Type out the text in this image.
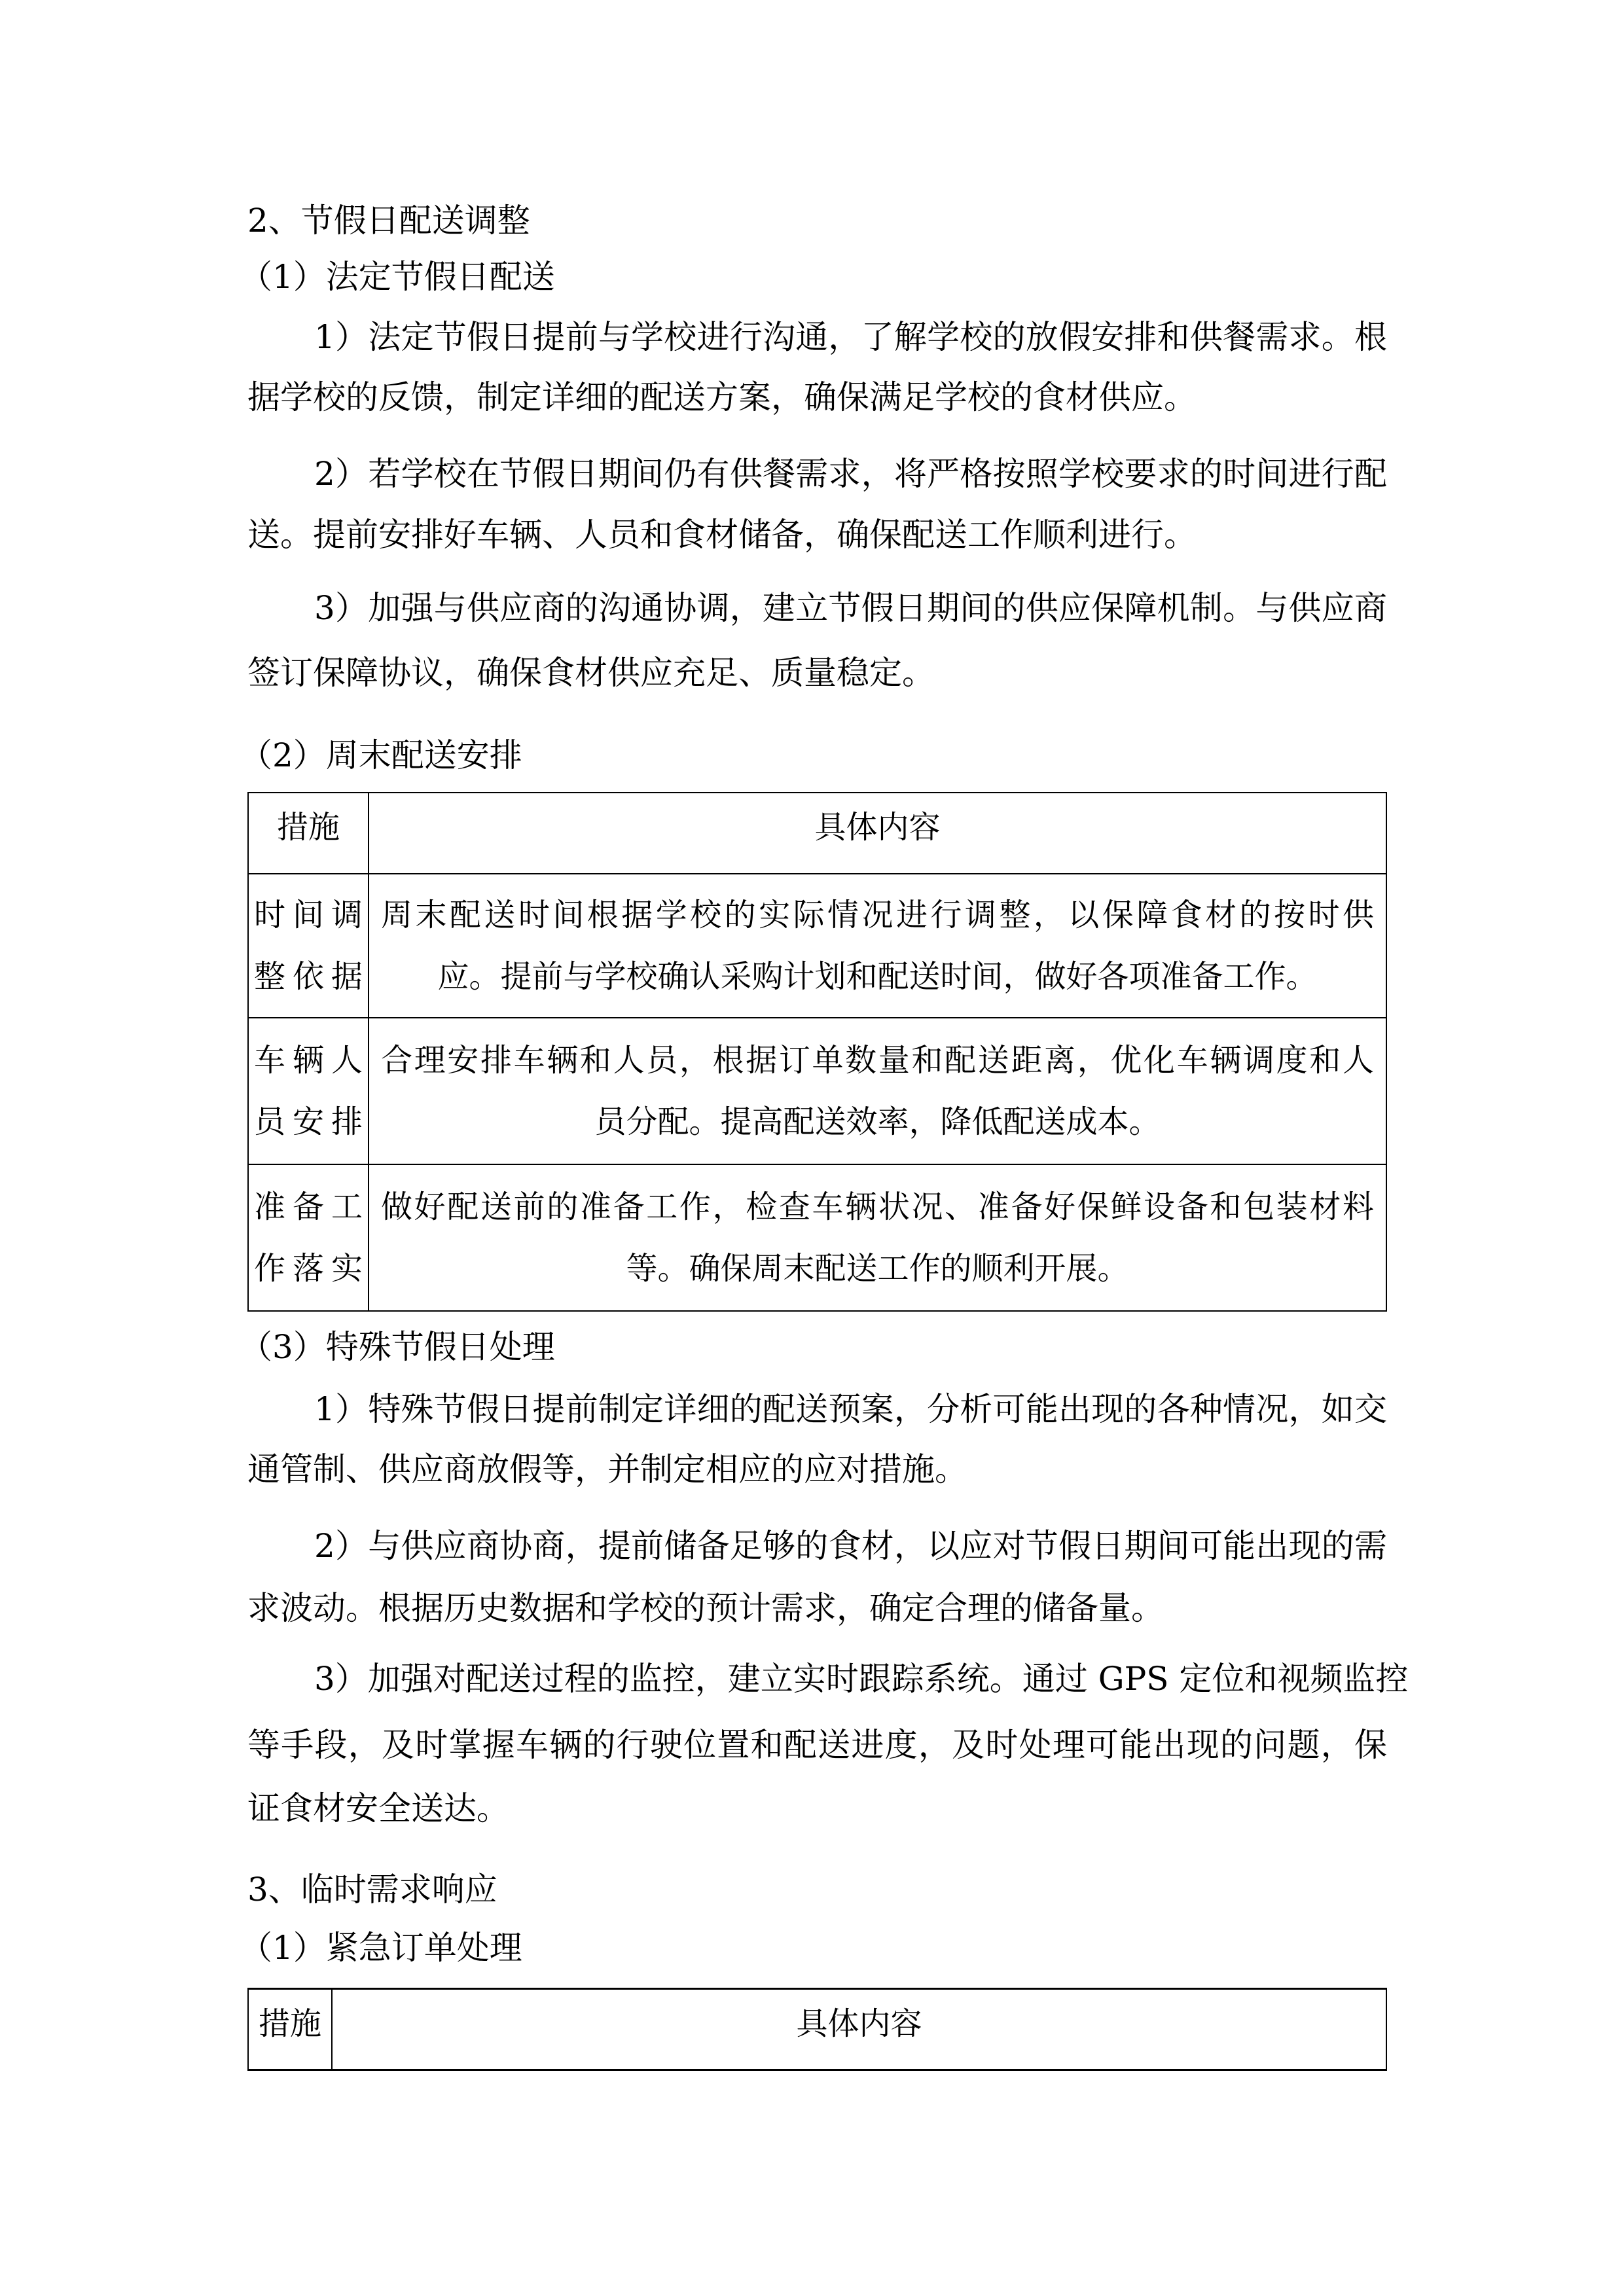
2、节假日配送调整
（1）法定节假日配送
1）法定节假日提前与学校进行沟通，了解学校的放假安排和供餐需求。根
据学校的反馈，制定详细的配送方案，确保满足学校的食材供应。
2）若学校在节假日期间仍有供餐需求，将严格按照学校要求的时间进行配
送。提前安排好车辆、人员和食材储备，确保配送工作顺利进行。
3）加强与供应商的沟通协调，建立节假日期间的供应保障机制。与供应商
签订保障协议，确保食材供应充足、质量稳定。
（2）周末配送安排
措施	具体内容

时间调
整依据	周末配送时间根据学校的实际情况进行调整，以保障食材的按时供
应。提前与学校确认采购计划和配送时间，做好各项准备工作。

车辆人
员安排	合理安排车辆和人员，根据订单数量和配送距离，优化车辆调度和人
员分配。提高配送效率，降低配送成本。

准备工
作落实	做好配送前的准备工作，检查车辆状况、准备好保鲜设备和包装材料
等。确保周末配送工作的顺利开展。
（3）特殊节假日处理
1）特殊节假日提前制定详细的配送预案，分析可能出现的各种情况，如交
通管制、供应商放假等，并制定相应的应对措施。
2）与供应商协商，提前储备足够的食材，以应对节假日期间可能出现的需
求波动。根据历史数据和学校的预计需求，确定合理的储备量。
3）加强对配送过程的监控，建立实时跟踪系统。通过 GPS 定位和视频监控
等手段，及时掌握车辆的行驶位置和配送进度，及时处理可能出现的问题，保
证食材安全送达。
3、临时需求响应
（1）紧急订单处理
措施	具体内容
